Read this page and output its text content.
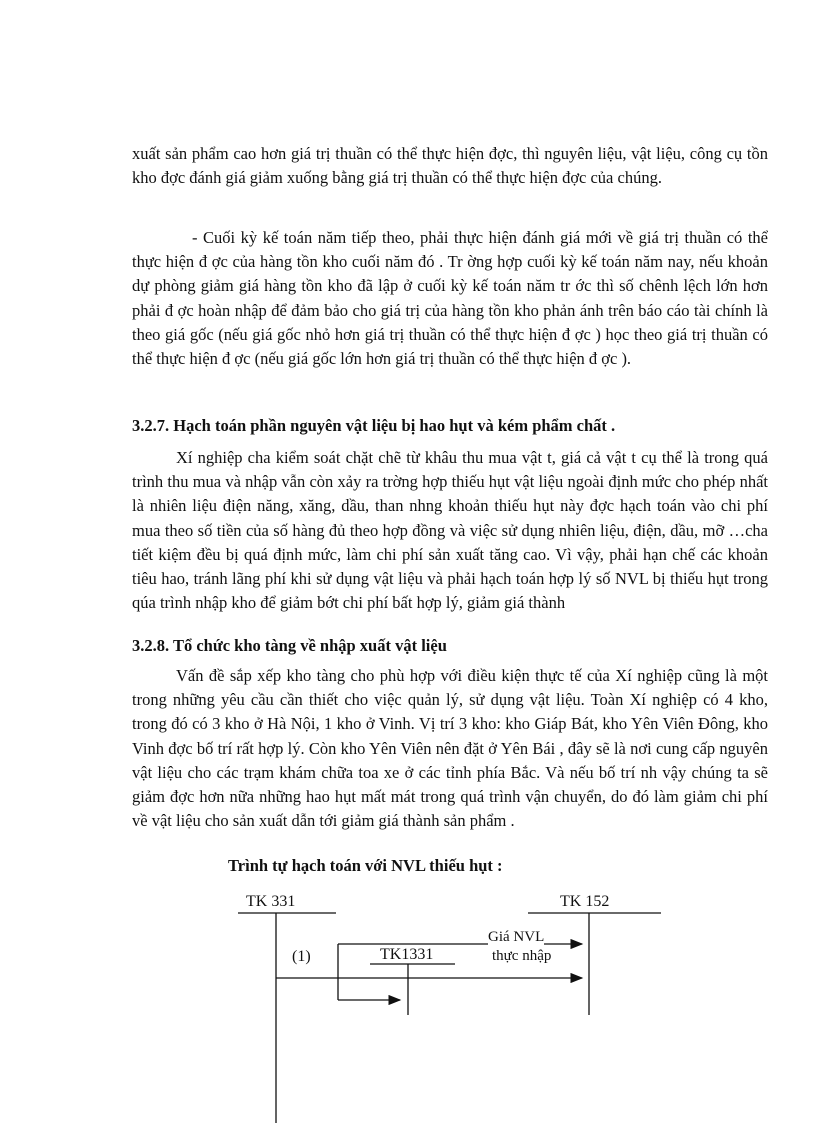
xuất sản phẩm cao hơn giá trị thuần có thể thực hiện đợc, thì nguyên liệu, vật liệu, công cụ tồn kho đợc đánh giá giảm xuống bằng giá trị thuần có thể thực hiện đợc của chúng.

- Cuối kỳ kế toán năm tiếp theo, phải thực hiện đánh giá mới về giá trị thuần có thể thực hiện đ ợc của hàng tồn kho cuối năm đó . Tr ờng hợp cuối kỳ kế toán năm nay, nếu khoản dự phòng giảm giá hàng tồn kho đã lập ở cuối kỳ kế toán năm tr ớc thì số chênh lệch lớn hơn phải đ ợc hoàn nhập để đảm bảo cho giá trị của hàng tồn kho phản ánh trên báo cáo tài chính là theo giá gốc (nếu giá gốc nhỏ hơn giá trị thuần có thể thực hiện đ ợc ) học theo giá trị thuần có thể thực hiện đ ợc (nếu giá gốc lớn hơn giá trị thuần có thể thực hiện đ ợc ).

3.2.7. Hạch toán phần nguyên vật liệu bị hao hụt và kém phẩm chất .

Xí nghiệp cha kiểm soát chặt chẽ từ khâu thu mua vật t, giá cả vật t cụ thể là trong quá trình thu mua và nhập vẫn còn xảy ra trờng hợp thiếu hụt vật liệu ngoài định mức cho phép nhất là nhiên liệu điện năng, xăng, dầu, than nhng khoản thiếu hụt này đợc hạch toán vào chi phí mua theo số tiền của số hàng đủ theo hợp đồng và việc sử dụng nhiên liệu, điện, dầu, mỡ …cha tiết kiệm đều bị quá định mức, làm chi phí sản xuất tăng cao. Vì vậy, phải hạn chế các khoản tiêu hao, tránh lãng phí khi sử dụng vật liệu và phải hạch toán hợp lý số NVL bị thiếu hụt trong qúa trình nhập kho để giảm bớt chi phí bất hợp lý, giảm giá thành

3.2.8. Tổ chức kho tàng về nhập xuất vật liệu

Vấn đề sắp xếp kho tàng cho phù hợp với điều kiện thực tế của Xí nghiệp cũng là một trong những yêu cầu cần thiết cho việc quản lý, sử dụng vật liệu. Toàn Xí nghiệp có 4 kho, trong đó có 3 kho ở Hà Nội, 1 kho ở Vinh. Vị trí 3 kho: kho Giáp Bát, kho Yên Viên Đông, kho Vinh đợc bố trí rất hợp lý. Còn kho Yên Viên nên đặt ở Yên Bái , đây sẽ là nơi cung cấp nguyên vật liệu cho các trạm khám chữa toa xe ở các tỉnh phía Bắc. Và nếu bố trí nh vậy chúng ta sẽ giảm đợc hơn nữa những hao hụt mất mát trong quá trình vận chuyển, do đó làm giảm chi phí về vật liệu cho sản xuất dẫn tới giảm giá thành sản phẩm .

Trình tự hạch toán với NVL thiếu hụt :
TK 331	TK 152
TK1331
(1)
Giá NVL
thực nhập
